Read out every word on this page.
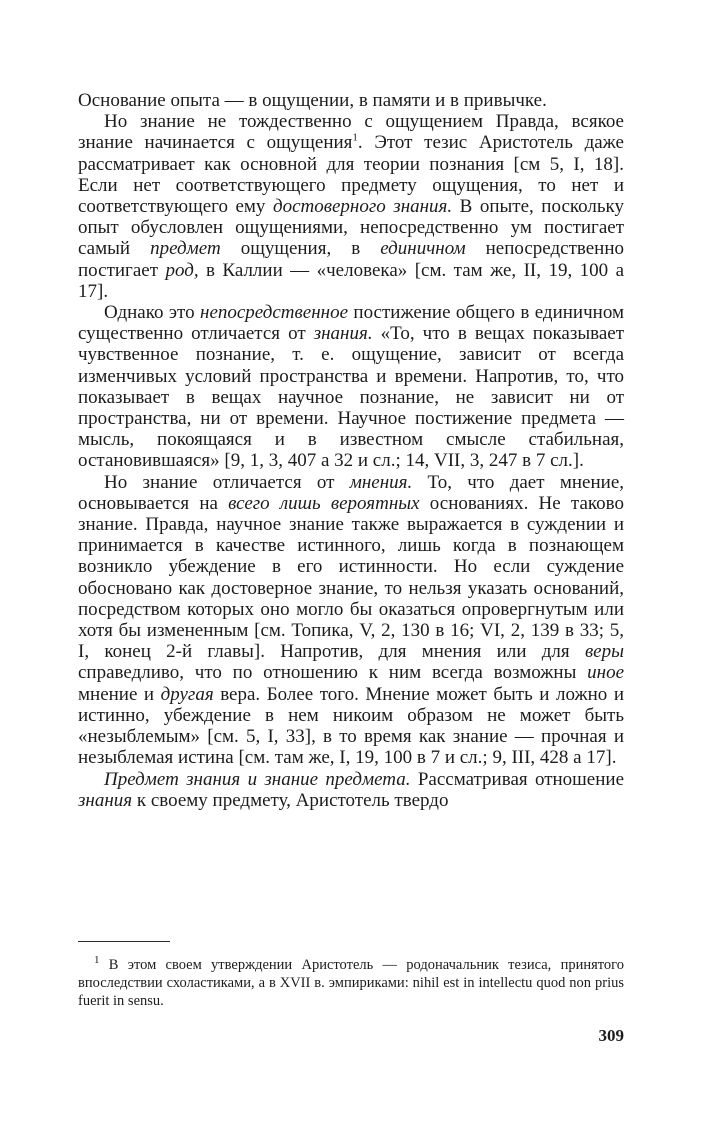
Основание опыта — в ощущении, в памяти и в привычке.

Но знание не тождественно с ощущением Правда, всякое знание начинается с ощущения$^1$. Этот тезис Аристотель даже рассматривает как основной для теории познания [см 5, I, 18]. Если нет соответствующего предмету ощущения, то нет и соответствующего ему достоверного знания. В опыте, поскольку опыт обусловлен ощущениями, непосредственно ум постигает самый предмет ощущения, в единичном непосредственно постигает род, в Каллии — «человека» [см. там же, II, 19, 100 а 17].

Однако это непосредственное постижение общего в единичном существенно отличается от знания. «То, что в вещах показывает чувственное познание, т. е. ощущение, зависит от всегда изменчивых условий пространства и времени. Напротив, то, что показывает в вещах научное познание, не зависит ни от пространства, ни от времени. Научное постижение предмета — мысль, покоящаяся и в известном смысле стабильная, остановившаяся» [9, 1, 3, 407 а 32 и сл.; 14, VII, 3, 247 в 7 сл.].

Но знание отличается от мнения. То, что дает мнение, основывается на всего лишь вероятных основаниях. Не таково знание. Правда, научное знание также выражается в суждении и принимается в качестве истинного, лишь когда в познающем возникло убеждение в его истинности. Но если суждение обосновано как достоверное знание, то нельзя указать оснований, посредством которых оно могло бы оказаться опровергнутым или хотя бы измененным [см. Топика, V, 2, 130 в 16; VI, 2, 139 в 33; 5, I, конец 2-й главы]. Напротив, для мнения или для веры справедливо, что по отношению к ним всегда возможны иное мнение и другая вера. Более того. Мнение может быть и ложно и истинно, убеждение в нем никоим образом не может быть «незыблемым» [см. 5, I, 33], в то время как знание — прочная и незыблемая истина [см. там же, I, 19, 100 в 7 и сл.; 9, III, 428 а 17].

Предмет знания и знание предмета. Рассматривая отношение знания к своему предмету, Аристотель твердо

$^1$ В этом своем утверждении Аристотель — родоначальник тезиса, принятого впоследствии схоластиками, а в XVII в. эмпириками: nihil est in intellectu quod non prius fuerit in sensu.
309
